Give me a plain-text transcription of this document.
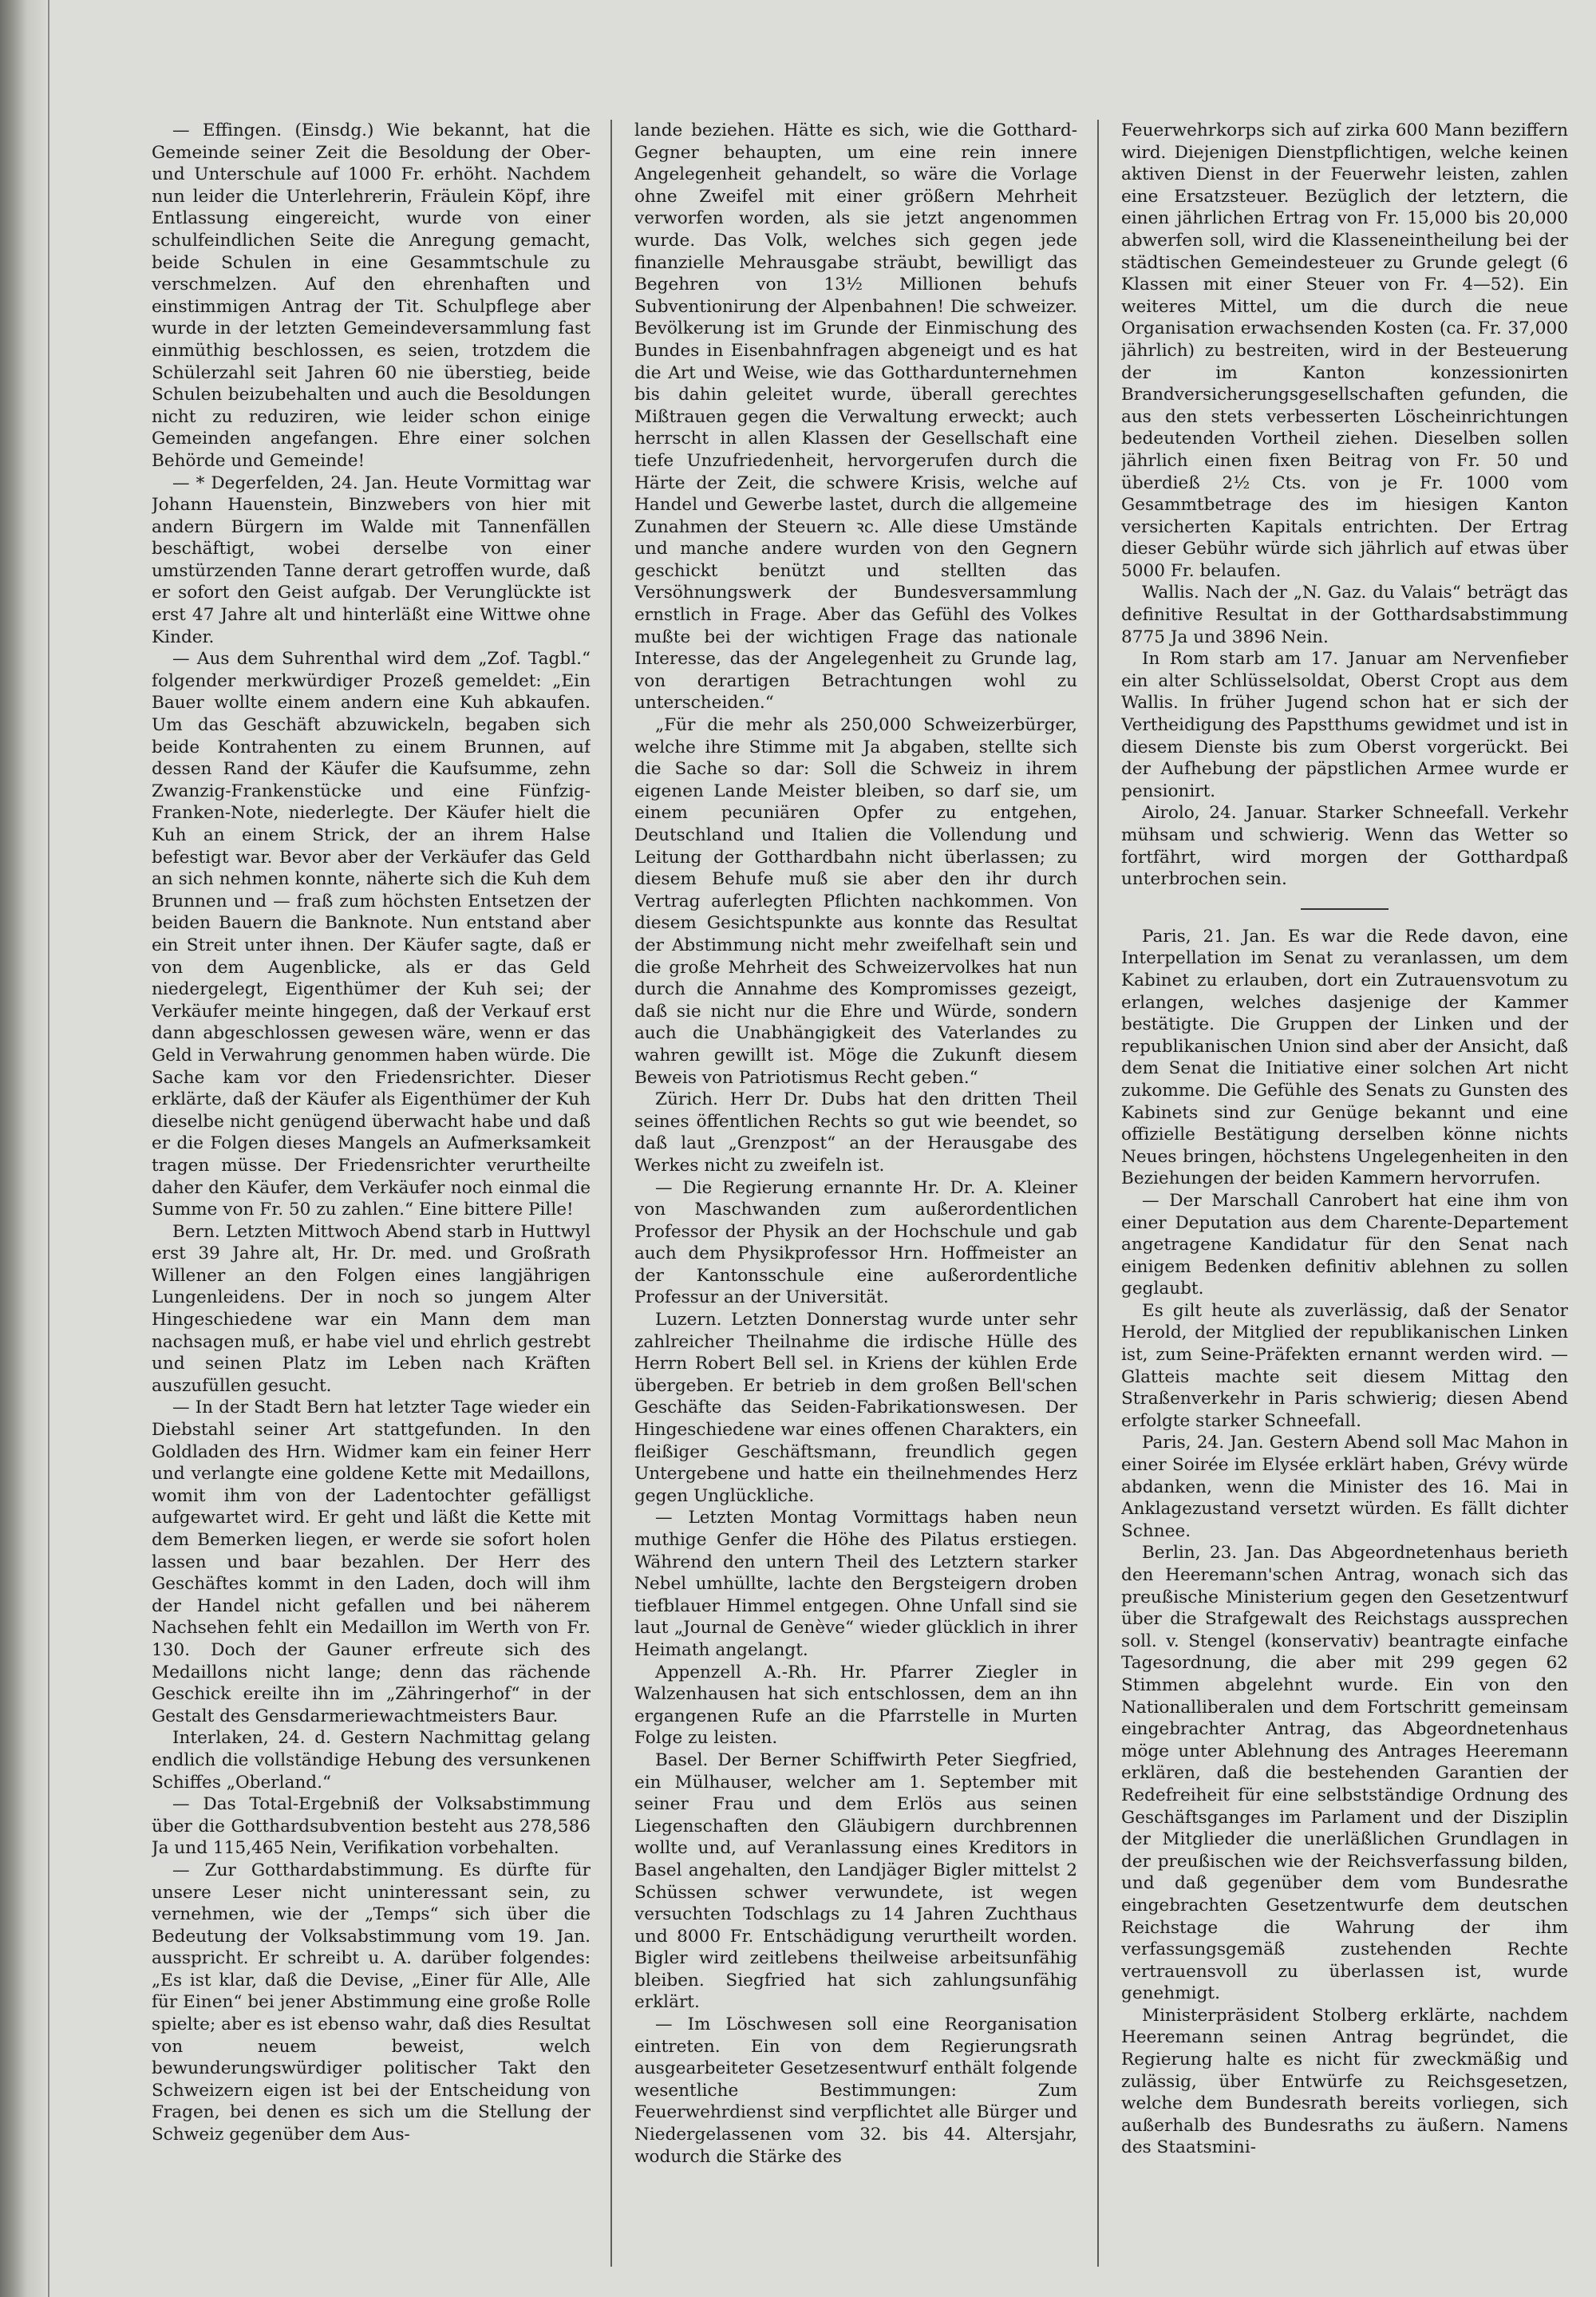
— Effingen. (Einsdg.) Wie bekannt, hat die Gemeinde seiner Zeit die Besoldung der Ober- und Unterschule auf 1000 Fr. erhöht. Nachdem nun leider die Unterlehrerin, Fräulein Köpf, ihre Entlassung eingereicht, wurde von einer schulfeindlichen Seite die Anregung gemacht, beide Schulen in eine Gesammtschule zu verschmelzen. Auf den ehrenhaften und einstimmigen Antrag der Tit. Schulpflege aber wurde in der letzten Gemeindeversammlung fast einmüthig beschlossen, es seien, trotzdem die Schülerzahl seit Jahren 60 nie überstieg, beide Schulen beizubehalten und auch die Besoldungen nicht zu reduziren, wie leider schon einige Gemeinden angefangen. Ehre einer solchen Behörde und Gemeinde!

— * Degerfelden, 24. Jan. Heute Vormittag war Johann Hauenstein, Binzwebers von hier mit andern Bürgern im Walde mit Tannenfällen beschäftigt, wobei derselbe von einer umstürzenden Tanne derart getroffen wurde, daß er sofort den Geist aufgab. Der Verunglückte ist erst 47 Jahre alt und hinterläßt eine Wittwe ohne Kinder.

— Aus dem Suhrenthal wird dem „Zof. Tagbl.“ folgender merkwürdiger Prozeß gemeldet: „Ein Bauer wollte einem andern eine Kuh abkaufen. Um das Geschäft abzuwickeln, begaben sich beide Kontrahenten zu einem Brunnen, auf dessen Rand der Käufer die Kaufsumme, zehn Zwanzig-Frankenstücke und eine Fünfzig-Franken-Note, niederlegte. Der Käufer hielt die Kuh an einem Strick, der an ihrem Halse befestigt war. Bevor aber der Verkäufer das Geld an sich nehmen konnte, näherte sich die Kuh dem Brunnen und — fraß zum höchsten Entsetzen der beiden Bauern die Banknote. Nun entstand aber ein Streit unter ihnen. Der Käufer sagte, daß er von dem Augenblicke, als er das Geld niedergelegt, Eigenthümer der Kuh sei; der Verkäufer meinte hingegen, daß der Verkauf erst dann abgeschlossen gewesen wäre, wenn er das Geld in Verwahrung genommen haben würde. Die Sache kam vor den Friedensrichter. Dieser erklärte, daß der Käufer als Eigenthümer der Kuh dieselbe nicht genügend überwacht habe und daß er die Folgen dieses Mangels an Aufmerksamkeit tragen müsse. Der Friedensrichter verurtheilte daher den Käufer, dem Verkäufer noch einmal die Summe von Fr. 50 zu zahlen.“ Eine bittere Pille!

Bern. Letzten Mittwoch Abend starb in Huttwyl erst 39 Jahre alt, Hr. Dr. med. und Großrath Willener an den Folgen eines langjährigen Lungenleidens. Der in noch so jungem Alter Hingeschiedene war ein Mann dem man nachsagen muß, er habe viel und ehrlich gestrebt und seinen Platz im Leben nach Kräften auszufüllen gesucht.

— In der Stadt Bern hat letzter Tage wieder ein Diebstahl seiner Art stattgefunden. In den Goldladen des Hrn. Widmer kam ein feiner Herr und verlangte eine goldene Kette mit Medaillons, womit ihm von der Ladentochter gefälligst aufgewartet wird. Er geht und läßt die Kette mit dem Bemerken liegen, er werde sie sofort holen lassen und baar bezahlen. Der Herr des Geschäftes kommt in den Laden, doch will ihm der Handel nicht gefallen und bei näherem Nachsehen fehlt ein Medaillon im Werth von Fr. 130. Doch der Gauner erfreute sich des Medaillons nicht lange; denn das rächende Geschick ereilte ihn im „Zähringerhof“ in der Gestalt des Gensdarmeriewachtmeisters Baur.

Interlaken, 24. d. Gestern Nachmittag gelang endlich die vollständige Hebung des versunkenen Schiffes „Oberland.“

— Das Total-Ergebniß der Volksabstimmung über die Gotthardsubvention besteht aus 278,586 Ja und 115,465 Nein, Verifikation vorbehalten.

— Zur Gotthardabstimmung. Es dürfte für unsere Leser nicht uninteressant sein, zu vernehmen, wie der „Temps“ sich über die Bedeutung der Volksabstimmung vom 19. Jan. ausspricht. Er schreibt u. A. darüber folgendes: „Es ist klar, daß die Devise, „Einer für Alle, Alle für Einen“ bei jener Abstimmung eine große Rolle spielte; aber es ist ebenso wahr, daß dies Resultat von neuem beweist, welch bewunderungswürdiger politischer Takt den Schweizern eigen ist bei der Entscheidung von Fragen, bei denen es sich um die Stellung der Schweiz gegenüber dem Aus-

lande beziehen. Hätte es sich, wie die Gotthard-Gegner behaupten, um eine rein innere Angelegenheit gehandelt, so wäre die Vorlage ohne Zweifel mit einer größern Mehrheit verworfen worden, als sie jetzt angenommen wurde. Das Volk, welches sich gegen jede finanzielle Mehrausgabe sträubt, bewilligt das Begehren von 13½ Millionen behufs Subventionirung der Alpenbahnen! Die schweizer. Bevölkerung ist im Grunde der Einmischung des Bundes in Eisenbahnfragen abgeneigt und es hat die Art und Weise, wie das Gotthardunternehmen bis dahin geleitet wurde, überall gerechtes Mißtrauen gegen die Verwaltung erweckt; auch herrscht in allen Klassen der Gesellschaft eine tiefe Unzufriedenheit, hervorgerufen durch die Härte der Zeit, die schwere Krisis, welche auf Handel und Gewerbe lastet, durch die allgemeine Zunahmen der Steuern ꝛc. Alle diese Umstände und manche andere wurden von den Gegnern geschickt benützt und stellten das Versöhnungswerk der Bundesversammlung ernstlich in Frage. Aber das Gefühl des Volkes mußte bei der wichtigen Frage das nationale Interesse, das der Angelegenheit zu Grunde lag, von derartigen Betrachtungen wohl zu unterscheiden.“

„Für die mehr als 250,000 Schweizerbürger, welche ihre Stimme mit Ja abgaben, stellte sich die Sache so dar: Soll die Schweiz in ihrem eigenen Lande Meister bleiben, so darf sie, um einem pecuniären Opfer zu entgehen, Deutschland und Italien die Vollendung und Leitung der Gotthardbahn nicht überlassen; zu diesem Behufe muß sie aber den ihr durch Vertrag auferlegten Pflichten nachkommen. Von diesem Gesichtspunkte aus konnte das Resultat der Abstimmung nicht mehr zweifelhaft sein und die große Mehrheit des Schweizervolkes hat nun durch die Annahme des Kompromisses gezeigt, daß sie nicht nur die Ehre und Würde, sondern auch die Unabhängigkeit des Vaterlandes zu wahren gewillt ist. Möge die Zukunft diesem Beweis von Patriotismus Recht geben.“

Zürich. Herr Dr. Dubs hat den dritten Theil seines öffentlichen Rechts so gut wie beendet, so daß laut „Grenzpost“ an der Herausgabe des Werkes nicht zu zweifeln ist.

— Die Regierung ernannte Hr. Dr. A. Kleiner von Maschwanden zum außerordentlichen Professor der Physik an der Hochschule und gab auch dem Physikprofessor Hrn. Hoffmeister an der Kantonsschule eine außerordentliche Professur an der Universität.

Luzern. Letzten Donnerstag wurde unter sehr zahlreicher Theilnahme die irdische Hülle des Herrn Robert Bell sel. in Kriens der kühlen Erde übergeben. Er betrieb in dem großen Bell'schen Geschäfte das Seiden-Fabrikationswesen. Der Hingeschiedene war eines offenen Charakters, ein fleißiger Geschäftsmann, freundlich gegen Untergebene und hatte ein theilnehmendes Herz gegen Unglückliche.

— Letzten Montag Vormittags haben neun muthige Genfer die Höhe des Pilatus erstiegen. Während den untern Theil des Letztern starker Nebel umhüllte, lachte den Bergsteigern droben tiefblauer Himmel entgegen. Ohne Unfall sind sie laut „Journal de Genève“ wieder glücklich in ihrer Heimath angelangt.

Appenzell A.-Rh. Hr. Pfarrer Ziegler in Walzenhausen hat sich entschlossen, dem an ihn ergangenen Rufe an die Pfarrstelle in Murten Folge zu leisten.

Basel. Der Berner Schiffwirth Peter Siegfried, ein Mülhauser, welcher am 1. September mit seiner Frau und dem Erlös aus seinen Liegenschaften den Gläubigern durchbrennen wollte und, auf Veranlassung eines Kreditors in Basel angehalten, den Landjäger Bigler mittelst 2 Schüssen schwer verwundete, ist wegen versuchten Todschlags zu 14 Jahren Zuchthaus und 8000 Fr. Entschädigung verurtheilt worden. Bigler wird zeitlebens theilweise arbeitsunfähig bleiben. Siegfried hat sich zahlungsunfähig erklärt.

— Im Löschwesen soll eine Reorganisation eintreten. Ein von dem Regierungsrath ausgearbeiteter Gesetzesentwurf enthält folgende wesentliche Bestimmungen: Zum Feuerwehrdienst sind verpflichtet alle Bürger und Niedergelassenen vom 32. bis 44. Altersjahr, wodurch die Stärke des

Feuerwehrkorps sich auf zirka 600 Mann beziffern wird. Diejenigen Dienstpflichtigen, welche keinen aktiven Dienst in der Feuerwehr leisten, zahlen eine Ersatzsteuer. Bezüglich der letztern, die einen jährlichen Ertrag von Fr. 15,000 bis 20,000 abwerfen soll, wird die Klasseneintheilung bei der städtischen Gemeindesteuer zu Grunde gelegt (6 Klassen mit einer Steuer von Fr. 4—52). Ein weiteres Mittel, um die durch die neue Organisation erwachsenden Kosten (ca. Fr. 37,000 jährlich) zu bestreiten, wird in der Besteuerung der im Kanton konzessionirten Brandversicherungsgesellschaften gefunden, die aus den stets verbesserten Löscheinrichtungen bedeutenden Vortheil ziehen. Dieselben sollen jährlich einen fixen Beitrag von Fr. 50 und überdieß 2½ Cts. von je Fr. 1000 vom Gesammtbetrage des im hiesigen Kanton versicherten Kapitals entrichten. Der Ertrag dieser Gebühr würde sich jährlich auf etwas über 5000 Fr. belaufen.

Wallis. Nach der „N. Gaz. du Valais“ beträgt das definitive Resultat in der Gotthardsabstimmung 8775 Ja und 3896 Nein.

In Rom starb am 17. Januar am Nervenfieber ein alter Schlüsselsoldat, Oberst Cropt aus dem Wallis. In früher Jugend schon hat er sich der Vertheidigung des Papstthums gewidmet und ist in diesem Dienste bis zum Oberst vorgerückt. Bei der Aufhebung der päpstlichen Armee wurde er pensionirt.

Airolo, 24. Januar. Starker Schneefall. Verkehr mühsam und schwierig. Wenn das Wetter so fortfährt, wird morgen der Gotthardpaß unterbrochen sein.

Paris, 21. Jan. Es war die Rede davon, eine Interpellation im Senat zu veranlassen, um dem Kabinet zu erlauben, dort ein Zutrauensvotum zu erlangen, welches dasjenige der Kammer bestätigte. Die Gruppen der Linken und der republikanischen Union sind aber der Ansicht, daß dem Senat die Initiative einer solchen Art nicht zukomme. Die Gefühle des Senats zu Gunsten des Kabinets sind zur Genüge bekannt und eine offizielle Bestätigung derselben könne nichts Neues bringen, höchstens Ungelegenheiten in den Beziehungen der beiden Kammern hervorrufen.

— Der Marschall Canrobert hat eine ihm von einer Deputation aus dem Charente-Departement angetragene Kandidatur für den Senat nach einigem Bedenken definitiv ablehnen zu sollen geglaubt.

Es gilt heute als zuverlässig, daß der Senator Herold, der Mitglied der republikanischen Linken ist, zum Seine-Präfekten ernannt werden wird. — Glatteis machte seit diesem Mittag den Straßenverkehr in Paris schwierig; diesen Abend erfolgte starker Schneefall.

Paris, 24. Jan. Gestern Abend soll Mac Mahon in einer Soirée im Elysée erklärt haben, Grévy würde abdanken, wenn die Minister des 16. Mai in Anklagezustand versetzt würden. Es fällt dichter Schnee.

Berlin, 23. Jan. Das Abgeordnetenhaus berieth den Heeremann'schen Antrag, wonach sich das preußische Ministerium gegen den Gesetzentwurf über die Strafgewalt des Reichstags aussprechen soll. v. Stengel (konservativ) beantragte einfache Tagesordnung, die aber mit 299 gegen 62 Stimmen abgelehnt wurde. Ein von den Nationalliberalen und dem Fortschritt gemeinsam eingebrachter Antrag, das Abgeordnetenhaus möge unter Ablehnung des Antrages Heeremann erklären, daß die bestehenden Garantien der Redefreiheit für eine selbstständige Ordnung des Geschäftsganges im Parlament und der Disziplin der Mitglieder die unerläßlichen Grundlagen in der preußischen wie der Reichsverfassung bilden, und daß gegenüber dem vom Bundesrathe eingebrachten Gesetzentwurfe dem deutschen Reichstage die Wahrung der ihm verfassungsgemäß zustehenden Rechte vertrauensvoll zu überlassen ist, wurde genehmigt.

Ministerpräsident Stolberg erklärte, nachdem Heeremann seinen Antrag begründet, die Regierung halte es nicht für zweckmäßig und zulässig, über Entwürfe zu Reichsgesetzen, welche dem Bundesrath bereits vorliegen, sich außerhalb des Bundesraths zu äußern. Namens des Staatsmini-
